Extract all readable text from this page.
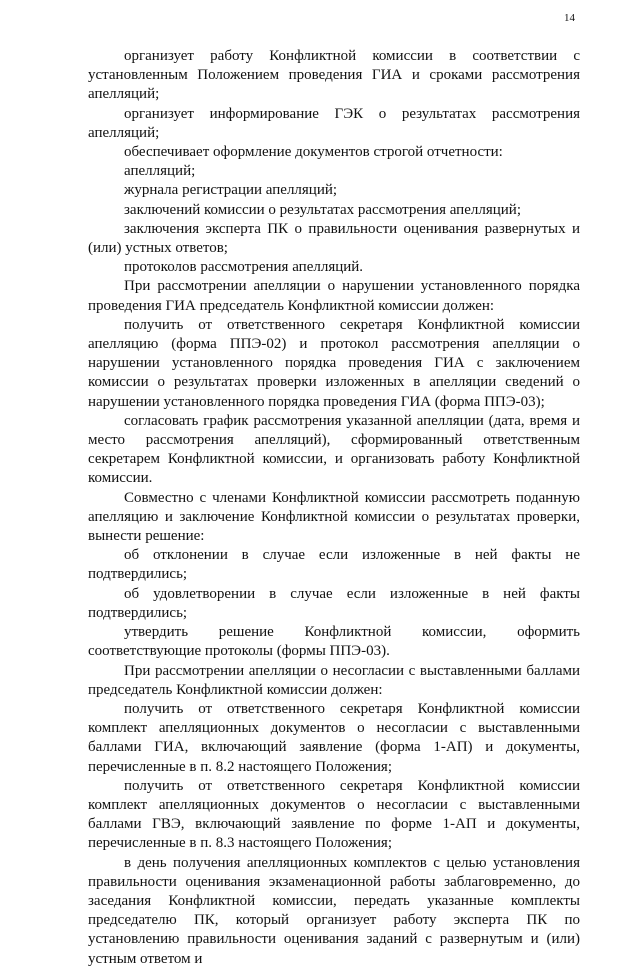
14

организует работу Конфликтной комиссии в соответствии с установленным Положением проведения ГИА и сроками рассмотрения апелляций;

организует информирование ГЭК о результатах рассмотрения апелляций;

обеспечивает оформление документов строгой отчетности:

апелляций;

журнала регистрации апелляций;

заключений комиссии о результатах рассмотрения апелляций;

заключения эксперта ПК о правильности оценивания развернутых и (или) устных ответов;

протоколов рассмотрения апелляций.

При рассмотрении апелляции о нарушении установленного порядка проведения ГИА председатель Конфликтной комиссии должен:

получить от ответственного секретаря Конфликтной комиссии апелляцию (форма ППЭ-02) и протокол рассмотрения апелляции о нарушении установленного порядка проведения ГИА с заключением комиссии о результатах проверки изложенных в апелляции сведений о нарушении установленного порядка проведения ГИА (форма ППЭ-03);

согласовать график рассмотрения указанной апелляции (дата, время и место рассмотрения апелляций), сформированный ответственным секретарем Конфликтной комиссии, и организовать работу Конфликтной комиссии.

Совместно с членами Конфликтной комиссии рассмотреть поданную апелляцию и заключение Конфликтной комиссии о результатах проверки, вынести решение:

об отклонении в случае если изложенные в ней факты не подтвердились;

об удовлетворении в случае если изложенные в ней факты подтвердились;

утвердить решение Конфликтной комиссии, оформить соответствующие протоколы (формы ППЭ-03).

При рассмотрении апелляции о несогласии с выставленными баллами председатель Конфликтной комиссии должен:

получить от ответственного секретаря Конфликтной комиссии комплект апелляционных документов о несогласии с выставленными баллами ГИА, включающий заявление (форма 1-АП) и документы, перечисленные в п. 8.2 настоящего Положения;

получить от ответственного секретаря Конфликтной комиссии комплект апелляционных документов о несогласии с выставленными баллами ГВЭ, включающий заявление по форме 1-АП и документы, перечисленные в п. 8.3 настоящего Положения;

в день получения апелляционных комплектов с целью установления правильности оценивания экзаменационной работы заблаговременно, до заседания Конфликтной комиссии, передать указанные комплекты председателю ПК, который организует работу эксперта ПК по установлению правильности оценивания заданий с развернутым и (или) устным ответом и
